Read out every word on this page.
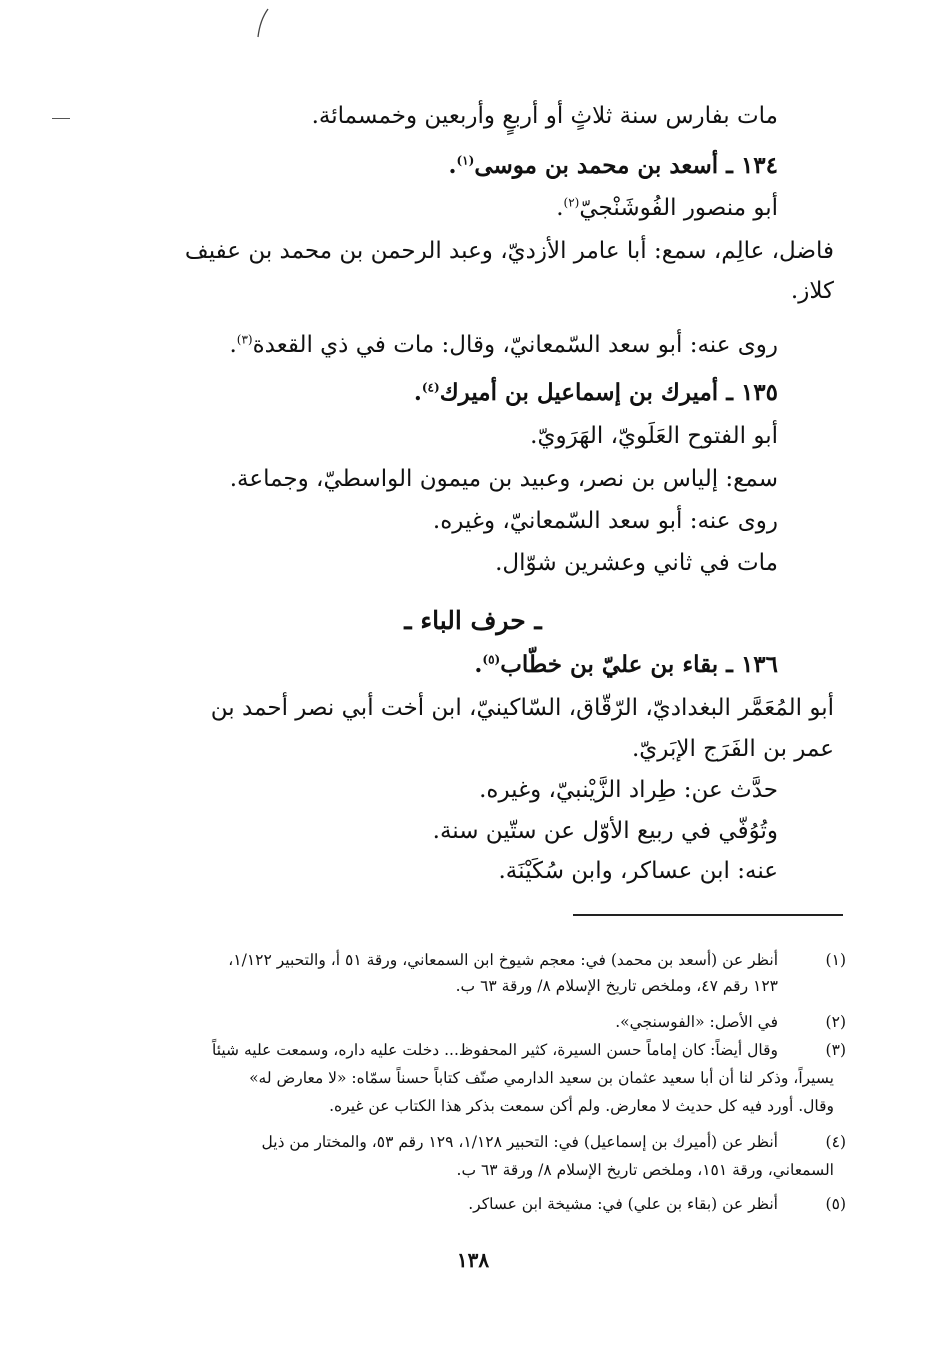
مات بفارس سنة ثلاثٍ أو أربعٍ وأربعين وخمسمائة.
١٣٤ ـ أسعد بن محمد بن موسى$^{(١)}$.
أبو منصور الفُوشَنْجيّ$^{(٢)}$.
فاضل، عالِم، سمع: أبا عامر الأزديّ، وعبد الرحمن بن محمد بن عفيف
كلاز.
روى عنه: أبو سعد السّمعانيّ، وقال: مات في ذي القعدة$^{(٣)}$.
١٣٥ ـ أميرك بن إسماعيل بن أميرك$^{(٤)}$.
أبو الفتوح العَلَويّ، الهَرَويّ.
سمع: إلياس بن نصر، وعبيد بن ميمون الواسطيّ، وجماعة.
روى عنه: أبو سعد السّمعانيّ، وغيره.
مات في ثاني وعشرين شوّال.
ـ حرف الباء ـ
١٣٦ ـ بقاء بن عليّ بن خطّاب$^{(٥)}$.
أبو المُعَمَّر البغداديّ، الرّقّاق، السّاكينيّ، ابن أخت أبي نصر أحمد بن
عمر بن الفَرَج الإبَريّ.
حدَّث عن: طِراد الزَّيْنبيّ، وغيره.
وتُوُفّي في ربيع الأوّل عن ستّين سنة.
عنه: ابن عساكر، وابن سُكَيْنَة.
(١)
أنظر عن (أسعد بن محمد) في: معجم شيوخ ابن السمعاني، ورقة ٥١ أ، والتحبير ١/١٢٢،
١٢٣ رقم ٤٧، وملخص تاريخ الإسلام ٨/ ورقة ٦٣ ب.
(٢)
في الأصل: «الفوسنجي».
(٣)
وقال أيضاً: كان إماماً حسن السيرة، كثير المحفوظ... دخلت عليه داره، وسمعت عليه شيئاً
يسيراً، وذكر لنا أن أبا سعيد عثمان بن سعيد الدارمي صنّف كتاباً حسناً سمّاه: «لا معارض له»
وقال. أورد فيه كل حديث لا معارض. ولم أكن سمعت بذكر هذا الكتاب عن غيره.
(٤)
أنظر عن (أميرك بن إسماعيل) في: التحبير ١/١٢٨، ١٢٩ رقم ٥٣، والمختار من ذيل
السمعاني، ورقة ١٥١، وملخص تاريخ الإسلام ٨/ ورقة ٦٣ ب.
(٥)
أنظر عن (بقاء بن علي) في: مشيخة ابن عساكر.
١٣٨
